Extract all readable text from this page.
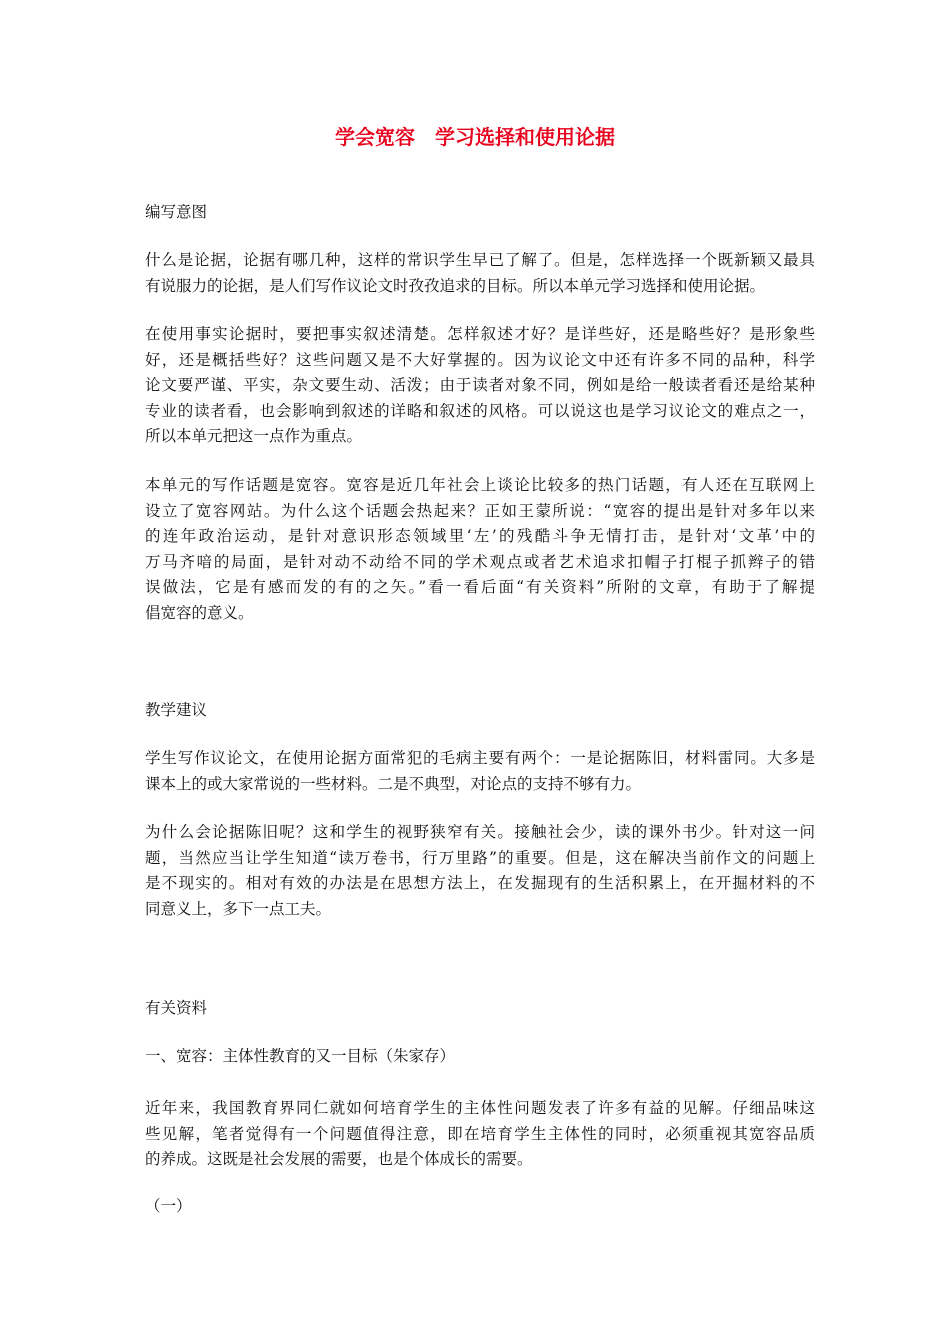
学会宽容　学习选择和使用论据
编写意图
什么是论据，论据有哪几种，这样的常识学生早已了解了。但是，怎样选择一个既新颖又最具
有说服力的论据，是人们写作议论文时孜孜追求的目标。所以本单元学习选择和使用论据。
在使用事实论据时，要把事实叙述清楚。怎样叙述才好？是详些好，还是略些好？是形象些
好，还是概括些好？这些问题又是不大好掌握的。因为议论文中还有许多不同的品种，科学
论文要严谨、平实，杂文要生动、活泼；由于读者对象不同，例如是给一般读者看还是给某种
专业的读者看，也会影响到叙述的详略和叙述的风格。可以说这也是学习议论文的难点之一，
所以本单元把这一点作为重点。
本单元的写作话题是宽容。宽容是近几年社会上谈论比较多的热门话题，有人还在互联网上
设立了宽容网站。为什么这个话题会热起来？正如王蒙所说：“宽容的提出是针对多年以来
的连年政治运动，是针对意识形态领域里‘左’的残酷斗争无情打击，是针对‘文革’中的
万马齐喑的局面，是针对动不动给不同的学术观点或者艺术追求扣帽子打棍子抓辫子的错
误做法，它是有感而发的有的之矢。”看一看后面“有关资料”所附的文章，有助于了解提
倡宽容的意义。
教学建议
学生写作议论文，在使用论据方面常犯的毛病主要有两个：一是论据陈旧，材料雷同。大多是
课本上的或大家常说的一些材料。二是不典型，对论点的支持不够有力。
为什么会论据陈旧呢？这和学生的视野狭窄有关。接触社会少，读的课外书少。针对这一问
题，当然应当让学生知道“读万卷书，行万里路”的重要。但是，这在解决当前作文的问题上
是不现实的。相对有效的办法是在思想方法上，在发掘现有的生活积累上，在开掘材料的不
同意义上，多下一点工夫。
有关资料
一、宽容：主体性教育的又一目标（朱家存）
近年来，我国教育界同仁就如何培育学生的主体性问题发表了许多有益的见解。仔细品味这
些见解，笔者觉得有一个问题值得注意，即在培育学生主体性的同时，必须重视其宽容品质
的养成。这既是社会发展的需要，也是个体成长的需要。
（一）
